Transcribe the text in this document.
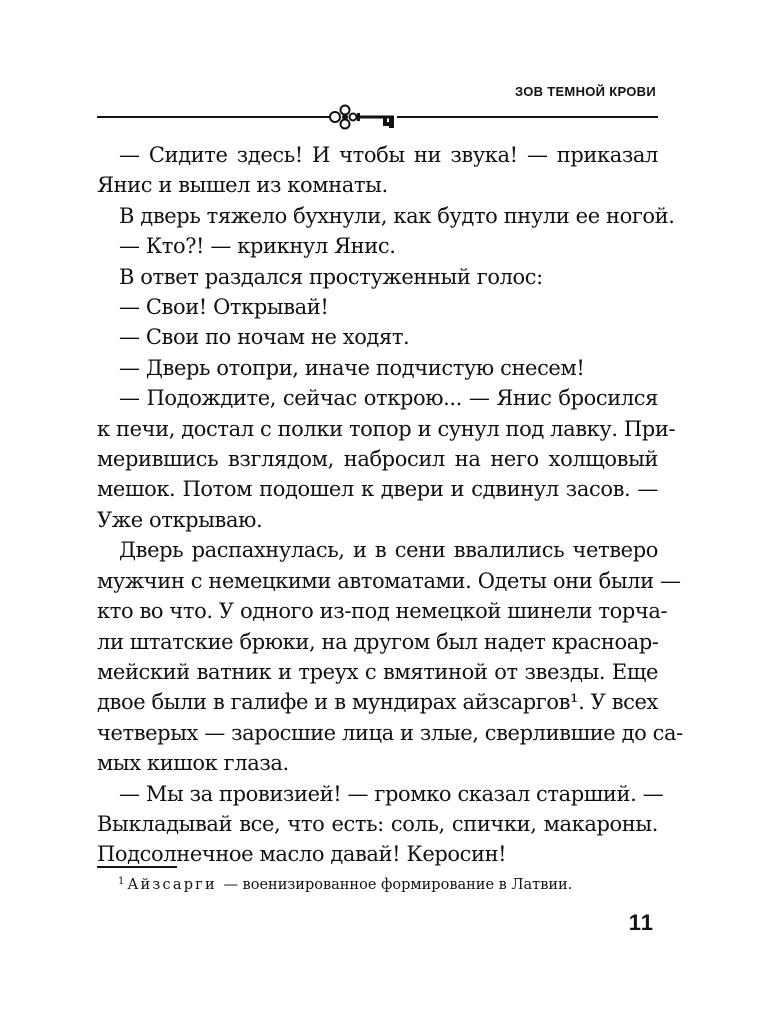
ЗОВ ТЕМНОЙ КРОВИ
— Сидите здесь! И чтобы ни звука! — приказал
Янис и вышел из комнаты.
В дверь тяжело бухнули, как будто пнули ее ногой.
— Кто?! — крикнул Янис.
В ответ раздался простуженный голос:
— Свои! Открывай!
— Свои по ночам не ходят.
— Дверь отопри, иначе подчистую снесем!
— Подождите, сейчас открою... — Янис бросился
к печи, достал с полки топор и сунул под лавку. При-
мерившись взглядом, набросил на него холщовый
мешок. Потом подошел к двери и сдвинул засов. —
Уже открываю.
Дверь распахнулась, и в сени ввалились четверо
мужчин с немецкими автоматами. Одеты они были —
кто во что. У одного из-под немецкой шинели торча-
ли штатские брюки, на другом был надет красноар-
мейский ватник и треух с вмятиной от звезды. Еще
двое были в галифе и в мундирах айзсаргов¹. У всех
четверых — заросшие лица и злые, сверлившие до са-
мых кишок глаза.
— Мы за провизией! — громко сказал старший. —
Выкладывай все, что есть: соль, спички, макароны.
Подсолнечное масло давай! Керосин!
$^1$ Айзсарги — военизированное формирование в Латвии.
11
